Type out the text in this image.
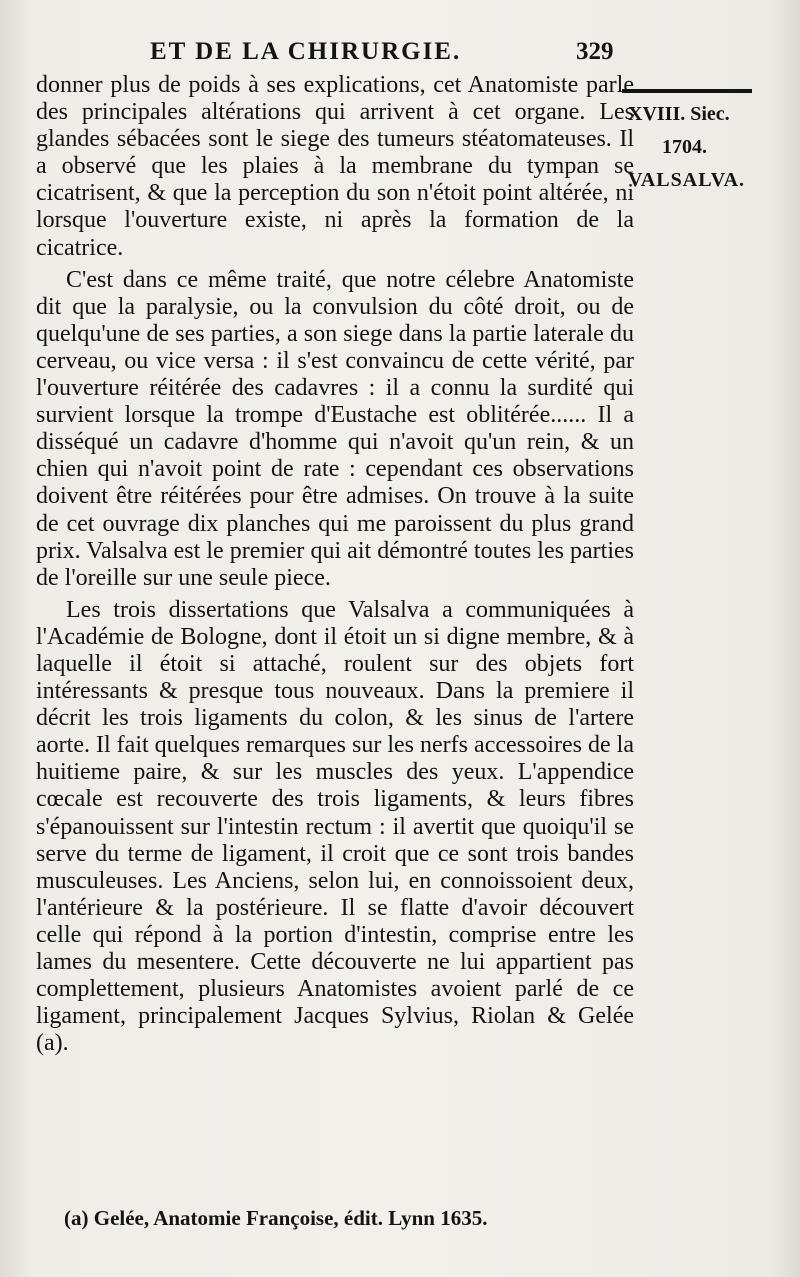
ET DE LA CHIRURGIE.	329
XVIII. Siec.
1704.
VALSALVA.

donner plus de poids à ses explications, cet Anatomiste parle des principales altérations qui arrivent à cet organe. Les glandes sébacées sont le siege des tumeurs stéatomateuses. Il a observé que les plaies à la membrane du tympan se cicatrisent, & que la perception du son n'étoit point altérée, ni lorsque l'ouverture existe, ni après la formation de la cicatrice.

C'est dans ce même traité, que notre célebre Anatomiste dit que la paralysie, ou la convulsion du côté droit, ou de quelqu'une de ses parties, a son siege dans la partie laterale du cerveau, ou vice versa : il s'est convaincu de cette vérité, par l'ouverture réitérée des cadavres : il a connu la surdité qui survient lorsque la trompe d'Eustache est oblitérée...... Il a disséqué un cadavre d'homme qui n'avoit qu'un rein, & un chien qui n'avoit point de rate : cependant ces observations doivent être réitérées pour être admises. On trouve à la suite de cet ouvrage dix planches qui me paroissent du plus grand prix. Valsalva est le premier qui ait démontré toutes les parties de l'oreille sur une seule piece.

Les trois dissertations que Valsalva a communiquées à l'Académie de Bologne, dont il étoit un si digne membre, & à laquelle il étoit si attaché, roulent sur des objets fort intéressants & presque tous nouveaux. Dans la premiere il décrit les trois ligaments du colon, & les sinus de l'artere aorte. Il fait quelques remarques sur les nerfs accessoires de la huitieme paire, & sur les muscles des yeux. L'appendice cœcale est recouverte des trois ligaments, & leurs fibres s'épanouissent sur l'intestin rectum : il avertit que quoiqu'il se serve du terme de ligament, il croit que ce sont trois bandes musculeuses. Les Anciens, selon lui, en connoissoient deux, l'antérieure & la postérieure. Il se flatte d'avoir découvert celle qui répond à la portion d'intestin, comprise entre les lames du mesentere. Cette découverte ne lui appartient pas complettement, plusieurs Anatomistes avoient parlé de ce ligament, principalement Jacques Sylvius, Riolan & Gelée (a).

(a) Gelée, Anatomie Françoise, édit. Lynn 1635.
